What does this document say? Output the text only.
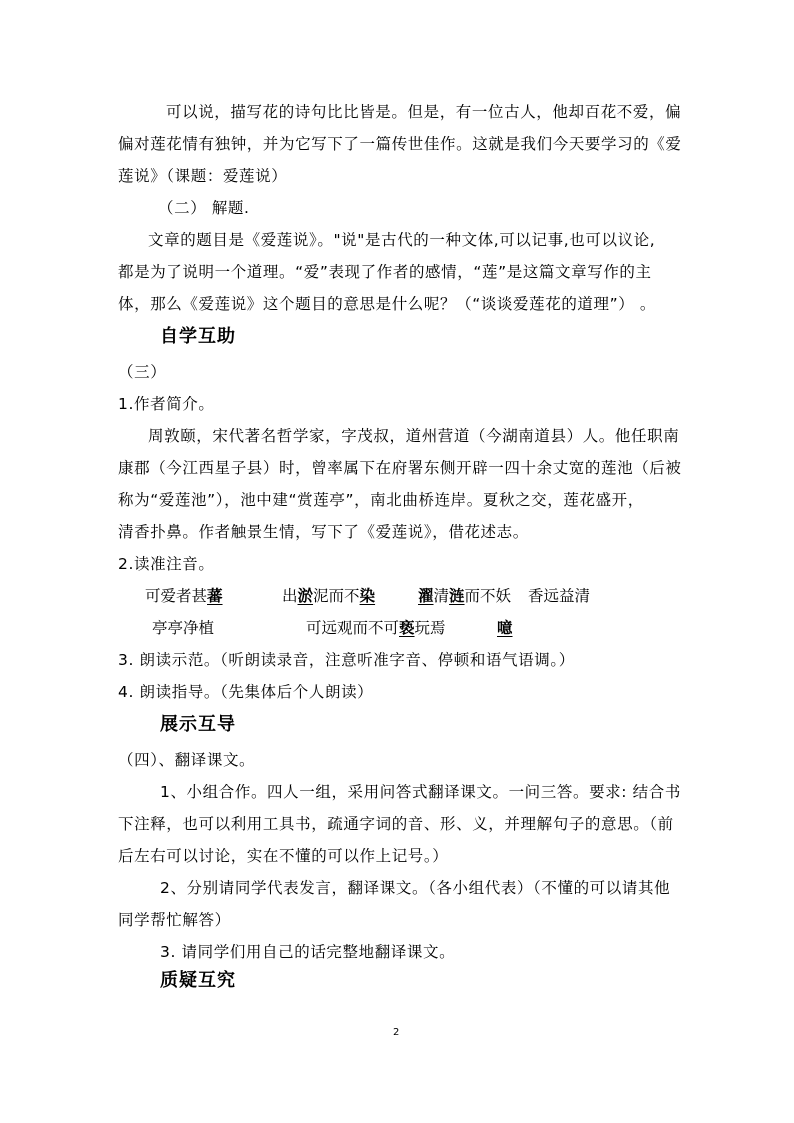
可以说，描写花的诗句比比皆是。但是，有一位古人，他却百花不爱，偏
偏对莲花情有独钟，并为它写下了一篇传世佳作。这就是我们今天要学习的《爱
莲说》（课题：爱莲说）
（二） 解题.
文章的题目是《爱莲说》。"说"是古代的一种文体,可以记事,也可以议论,
都是为了说明一个道理。“爱”表现了作者的感情，“莲”是这篇文章写作的主
体，那么《爱莲说》这个题目的意思是什么呢？（“谈谈爱莲花的道理”） 。
自学互助
（三）
1.作者简介。
周敦颐，宋代著名哲学家，字茂叔，道州营道（今湖南道县）人。他任职南
康郡（今江西星子县）时，曾率属下在府署东侧开辟一四十余丈宽的莲池（后被
称为“爱莲池”），池中建“赏莲亭”，南北曲桥连岸。夏秋之交，莲花盛开，
清香扑鼻。作者触景生情，写下了《爱莲说》，借花述志。
2.读准注音。
可爱者甚蕃	出淤泥而不染	濯清涟而不妖 香远益清
亭亭净植	可远观而不可亵玩焉	噫
3. 朗读示范。（听朗读录音，注意听准字音、停顿和语气语调。）
4. 朗读指导。（先集体后个人朗读）
展示互导
（四）、翻译课文。
1、小组合作。四人一组，采用问答式翻译课文。一问三答。要求: 结合书
下注释，也可以利用工具书，疏通字词的音、形、义，并理解句子的意思。（前
后左右可以讨论，实在不懂的可以作上记号。）
2、分别请同学代表发言，翻译课文。（各小组代表）（不懂的可以请其他
同学帮忙解答）
3. 请同学们用自己的话完整地翻译课文。
质疑互究
2
